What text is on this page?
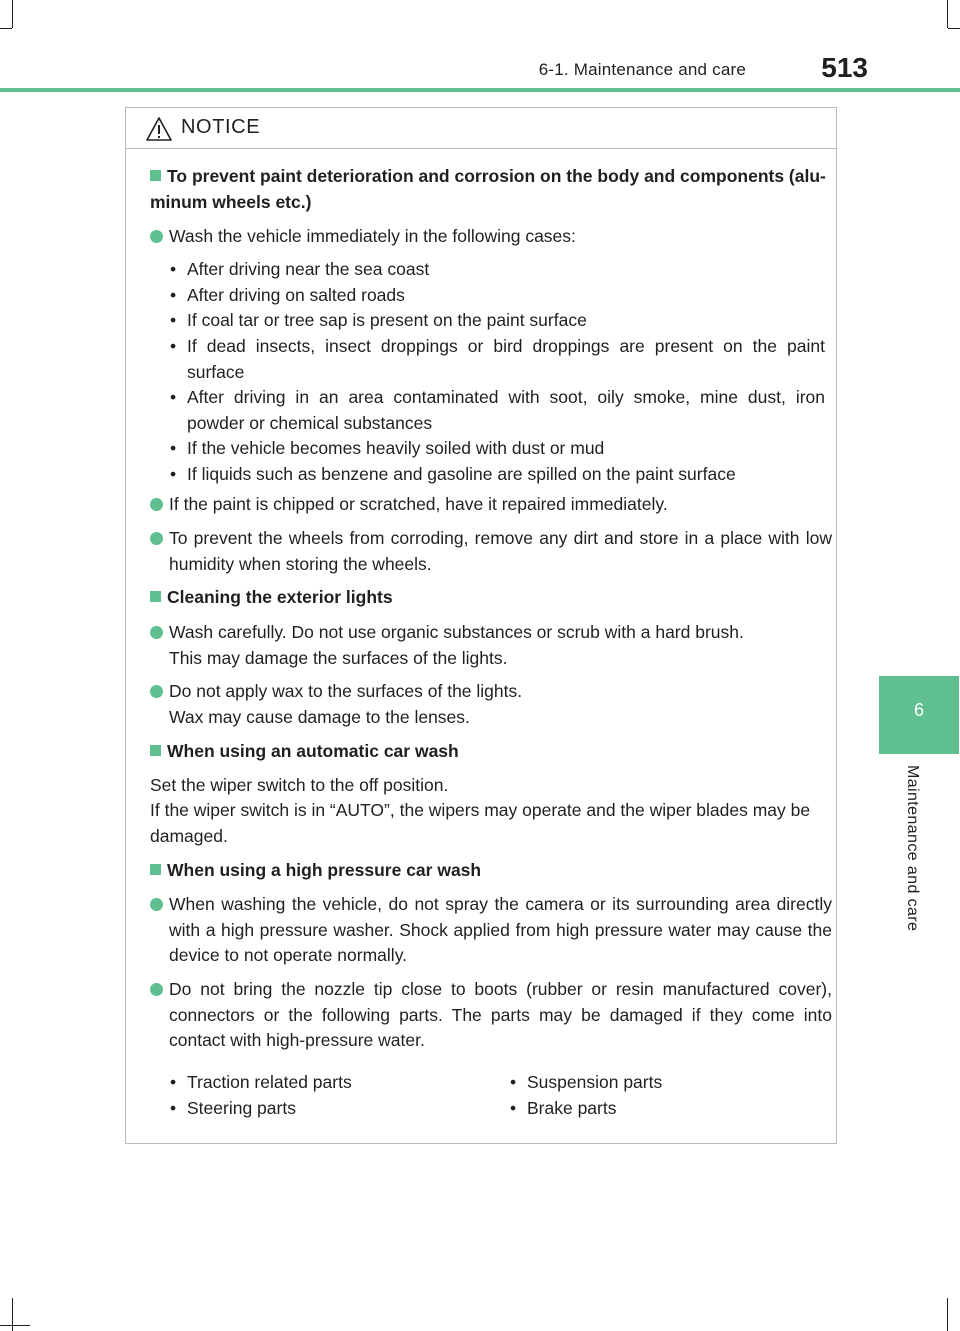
6-1. Maintenance and care	513
6
Maintenance and care
NOTICE
To prevent paint deterioration and corrosion on the body and components (alu-
minum wheels etc.)
Wash the vehicle immediately in the following cases:
• After driving near the sea coast
• After driving on salted roads
• If coal tar or tree sap is present on the paint surface
• If dead insects, insect droppings or bird droppings are present on the paint surface
• After driving in an area contaminated with soot, oily smoke, mine dust, iron powder or chemical substances
• If the vehicle becomes heavily soiled with dust or mud
• If liquids such as benzene and gasoline are spilled on the paint surface
If the paint is chipped or scratched, have it repaired immediately.
To prevent the wheels from corroding, remove any dirt and store in a place with low humidity when storing the wheels.
Cleaning the exterior lights
Wash carefully. Do not use organic substances or scrub with a hard brush.
This may damage the surfaces of the lights.
Do not apply wax to the surfaces of the lights.
Wax may cause damage to the lenses.
When using an automatic car wash
Set the wiper switch to the off position.
If the wiper switch is in “AUTO”, the wipers may operate and the wiper blades may be damaged.
When using a high pressure car wash
When washing the vehicle, do not spray the camera or its surrounding area directly with a high pressure washer. Shock applied from high pressure water may cause the device to not operate normally.
Do not bring the nozzle tip close to boots (rubber or resin manufactured cover), connectors or the following parts. The parts may be damaged if they come into contact with high-pressure water.
• Traction related parts
• Steering parts
• Suspension parts
• Brake parts
